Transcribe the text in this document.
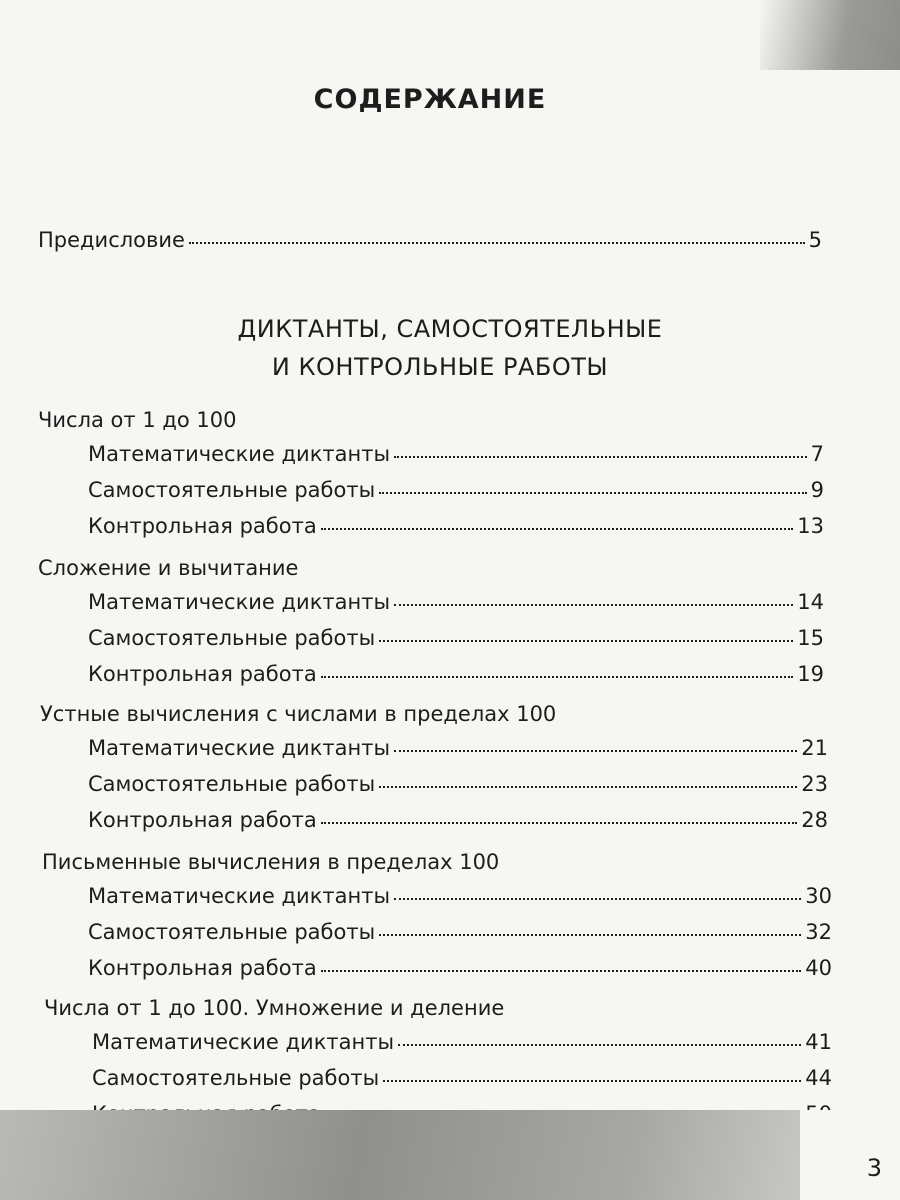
СОДЕРЖАНИЕ
Предисловие	5
ДИКТАНТЫ, САМОСТОЯТЕЛЬНЫЕ
И КОНТРОЛЬНЫЕ РАБОТЫ
Числа от 1 до 100
Математические диктанты	7
Самостоятельные работы	9
Контрольная работа	13
Сложение и вычитание
Математические диктанты	14
Самостоятельные работы	15
Контрольная работа	19
Устные вычисления с числами в пределах 100
Математические диктанты	21
Самостоятельные работы	23
Контрольная работа	28
Письменные вычисления в пределах 100
Математические диктанты	30
Самостоятельные работы	32
Контрольная работа	40
Числа от 1 до 100. Умножение и деление
Математические диктанты	41
Самостоятельные работы	44
3
